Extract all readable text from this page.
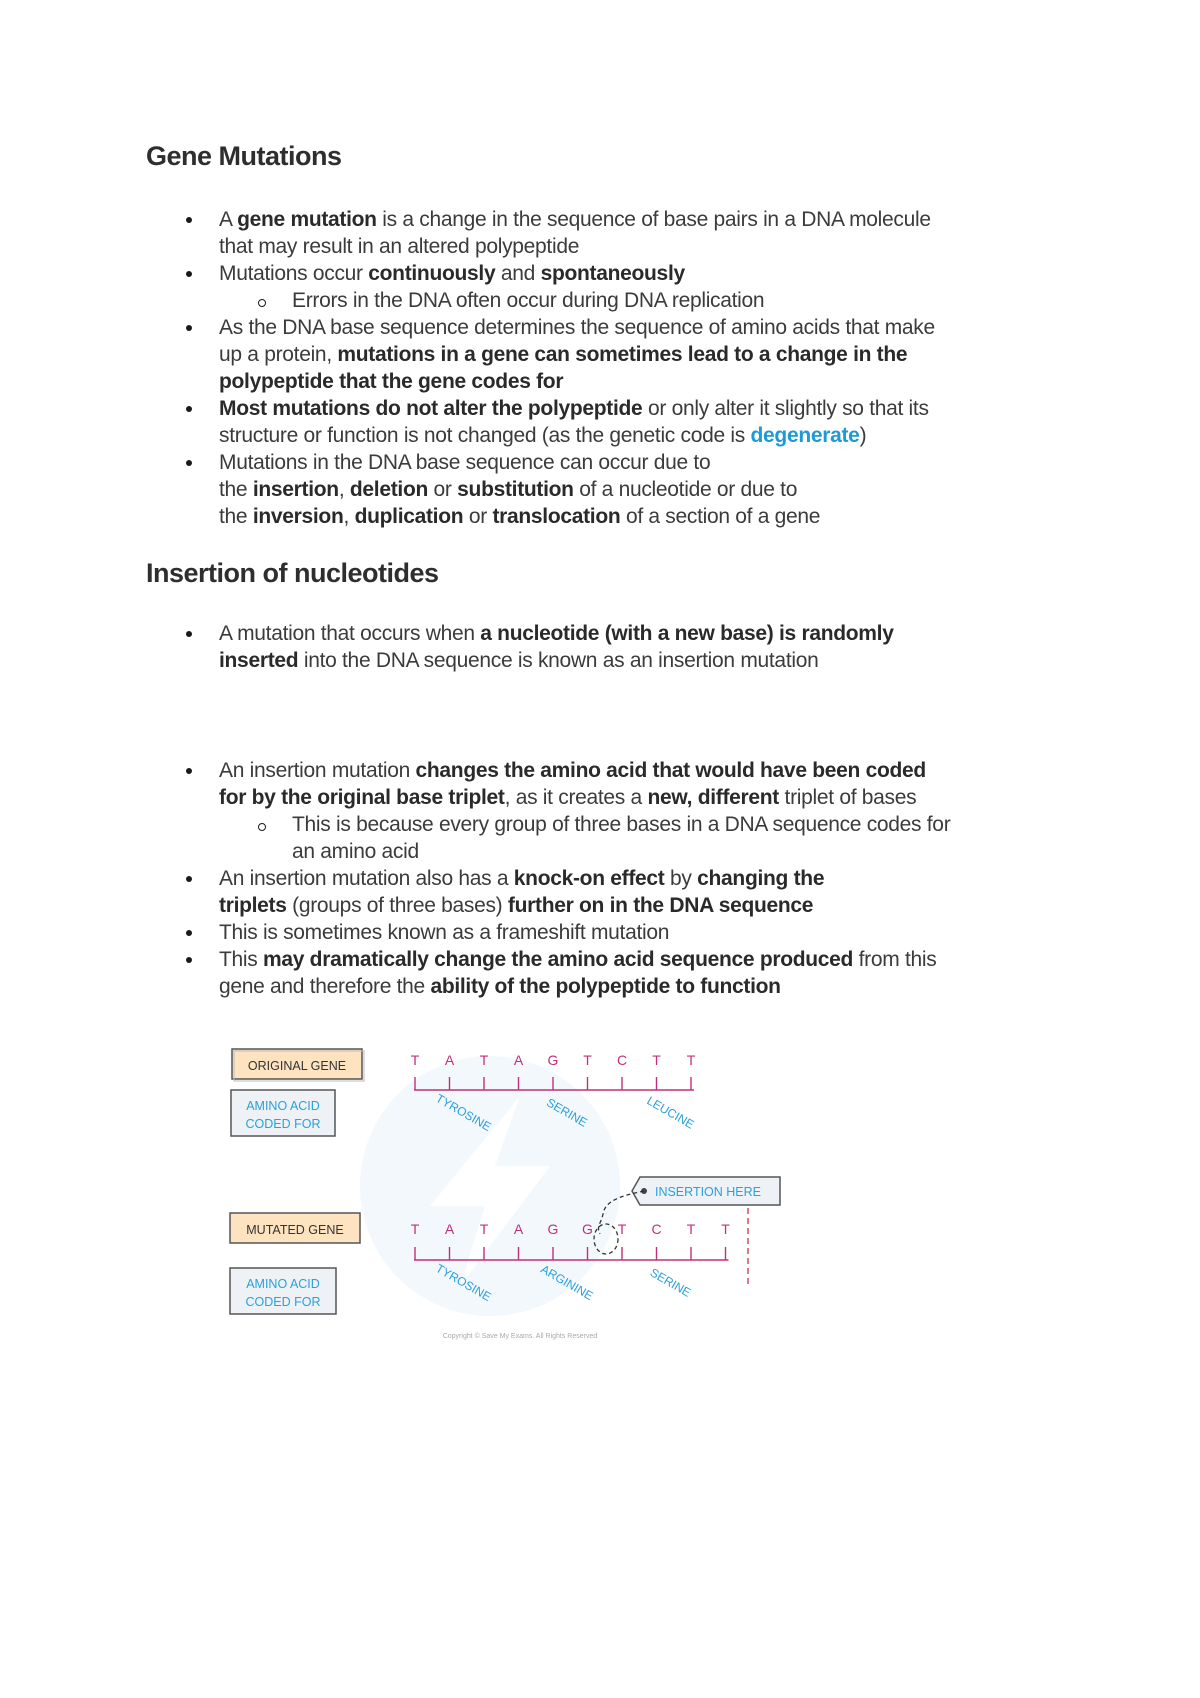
Gene Mutations
A gene mutation is a change in the sequence of base pairs in a DNA molecule
that may result in an altered polypeptide
Mutations occur continuously and spontaneously
Errors in the DNA often occur during DNA replication
As the DNA base sequence determines the sequence of amino acids that make
up a protein, mutations in a gene can sometimes lead to a change in the
polypeptide that the gene codes for
Most mutations do not alter the polypeptide or only alter it slightly so that its
structure or function is not changed (as the genetic code is degenerate)
Mutations in the DNA base sequence can occur due to
the insertion, deletion or substitution of a nucleotide or due to
the inversion, duplication or translocation of a section of a gene
Insertion of nucleotides
A mutation that occurs when a nucleotide (with a new base) is randomly
inserted into the DNA sequence is known as an insertion mutation
An insertion mutation changes the amino acid that would have been coded
for by the original base triplet, as it creates a new, different triplet of bases
This is because every group of three bases in a DNA sequence codes for
an amino acid
An insertion mutation also has a knock-on effect by changing the
triplets (groups of three bases) further on in the DNA sequence
This is sometimes known as a frameshift mutation
This may dramatically change the amino acid sequence produced from this
gene and therefore the ability of the polypeptide to function
ORIGINAL GENE
AMINO ACID
CODED FOR
MUTATED GENE
AMINO ACID
CODED FOR
INSERTION HERE
T A T A G T C T T
TYROSINE	SERINE	LEUCINE
T A T A G G T C T T
TYROSINE	ARGININE	SERINE
Copyright © Save My Exams. All Rights Reserved
